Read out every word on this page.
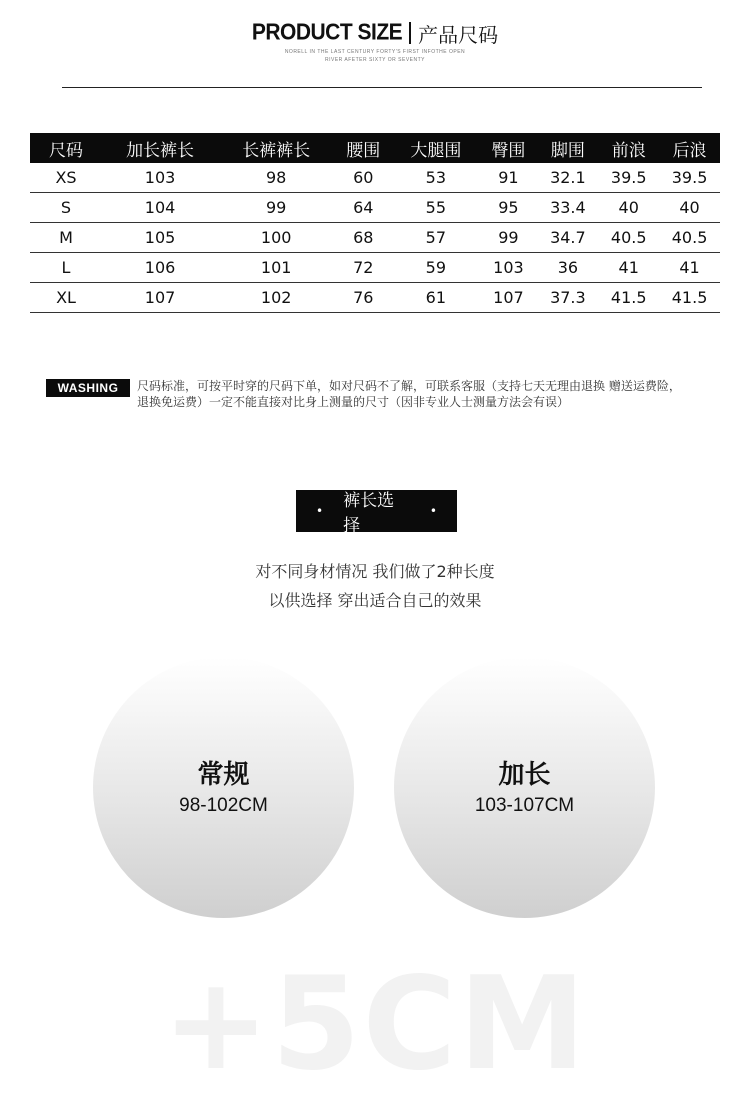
PRODUCT SIZE 产品尺码
NORELL IN THE LAST CENTURY FORTY'S FIRST INFOTHE OPEN
RIVER AFETER SIXTY OR SEVENTY
尺码	加长裤长	长裤裤长	腰围	大腿围	臀围	脚围	前浪	后浪
XS	103	98	60	53	91	32.1	39.5	39.5
S	104	99	64	55	95	33.4	40	40
M	105	100	68	57	99	34.7	40.5	40.5
L	106	101	72	59	103	36	41	41
XL	107	102	76	61	107	37.3	41.5	41.5
WASHING	尺码标准，可按平时穿的尺码下单，如对尺码不了解，可联系客服（支持七天无理由退换 赠送运费险，退换免运费）一定不能直接对比身上测量的尺寸（因非专业人士测量方法会有误）
• 裤长选择
•
对不同身材情况 我们做了2种长度
以供选择 穿出适合自己的效果
常规
98-102CM
加长
103-107CM
+5CM
